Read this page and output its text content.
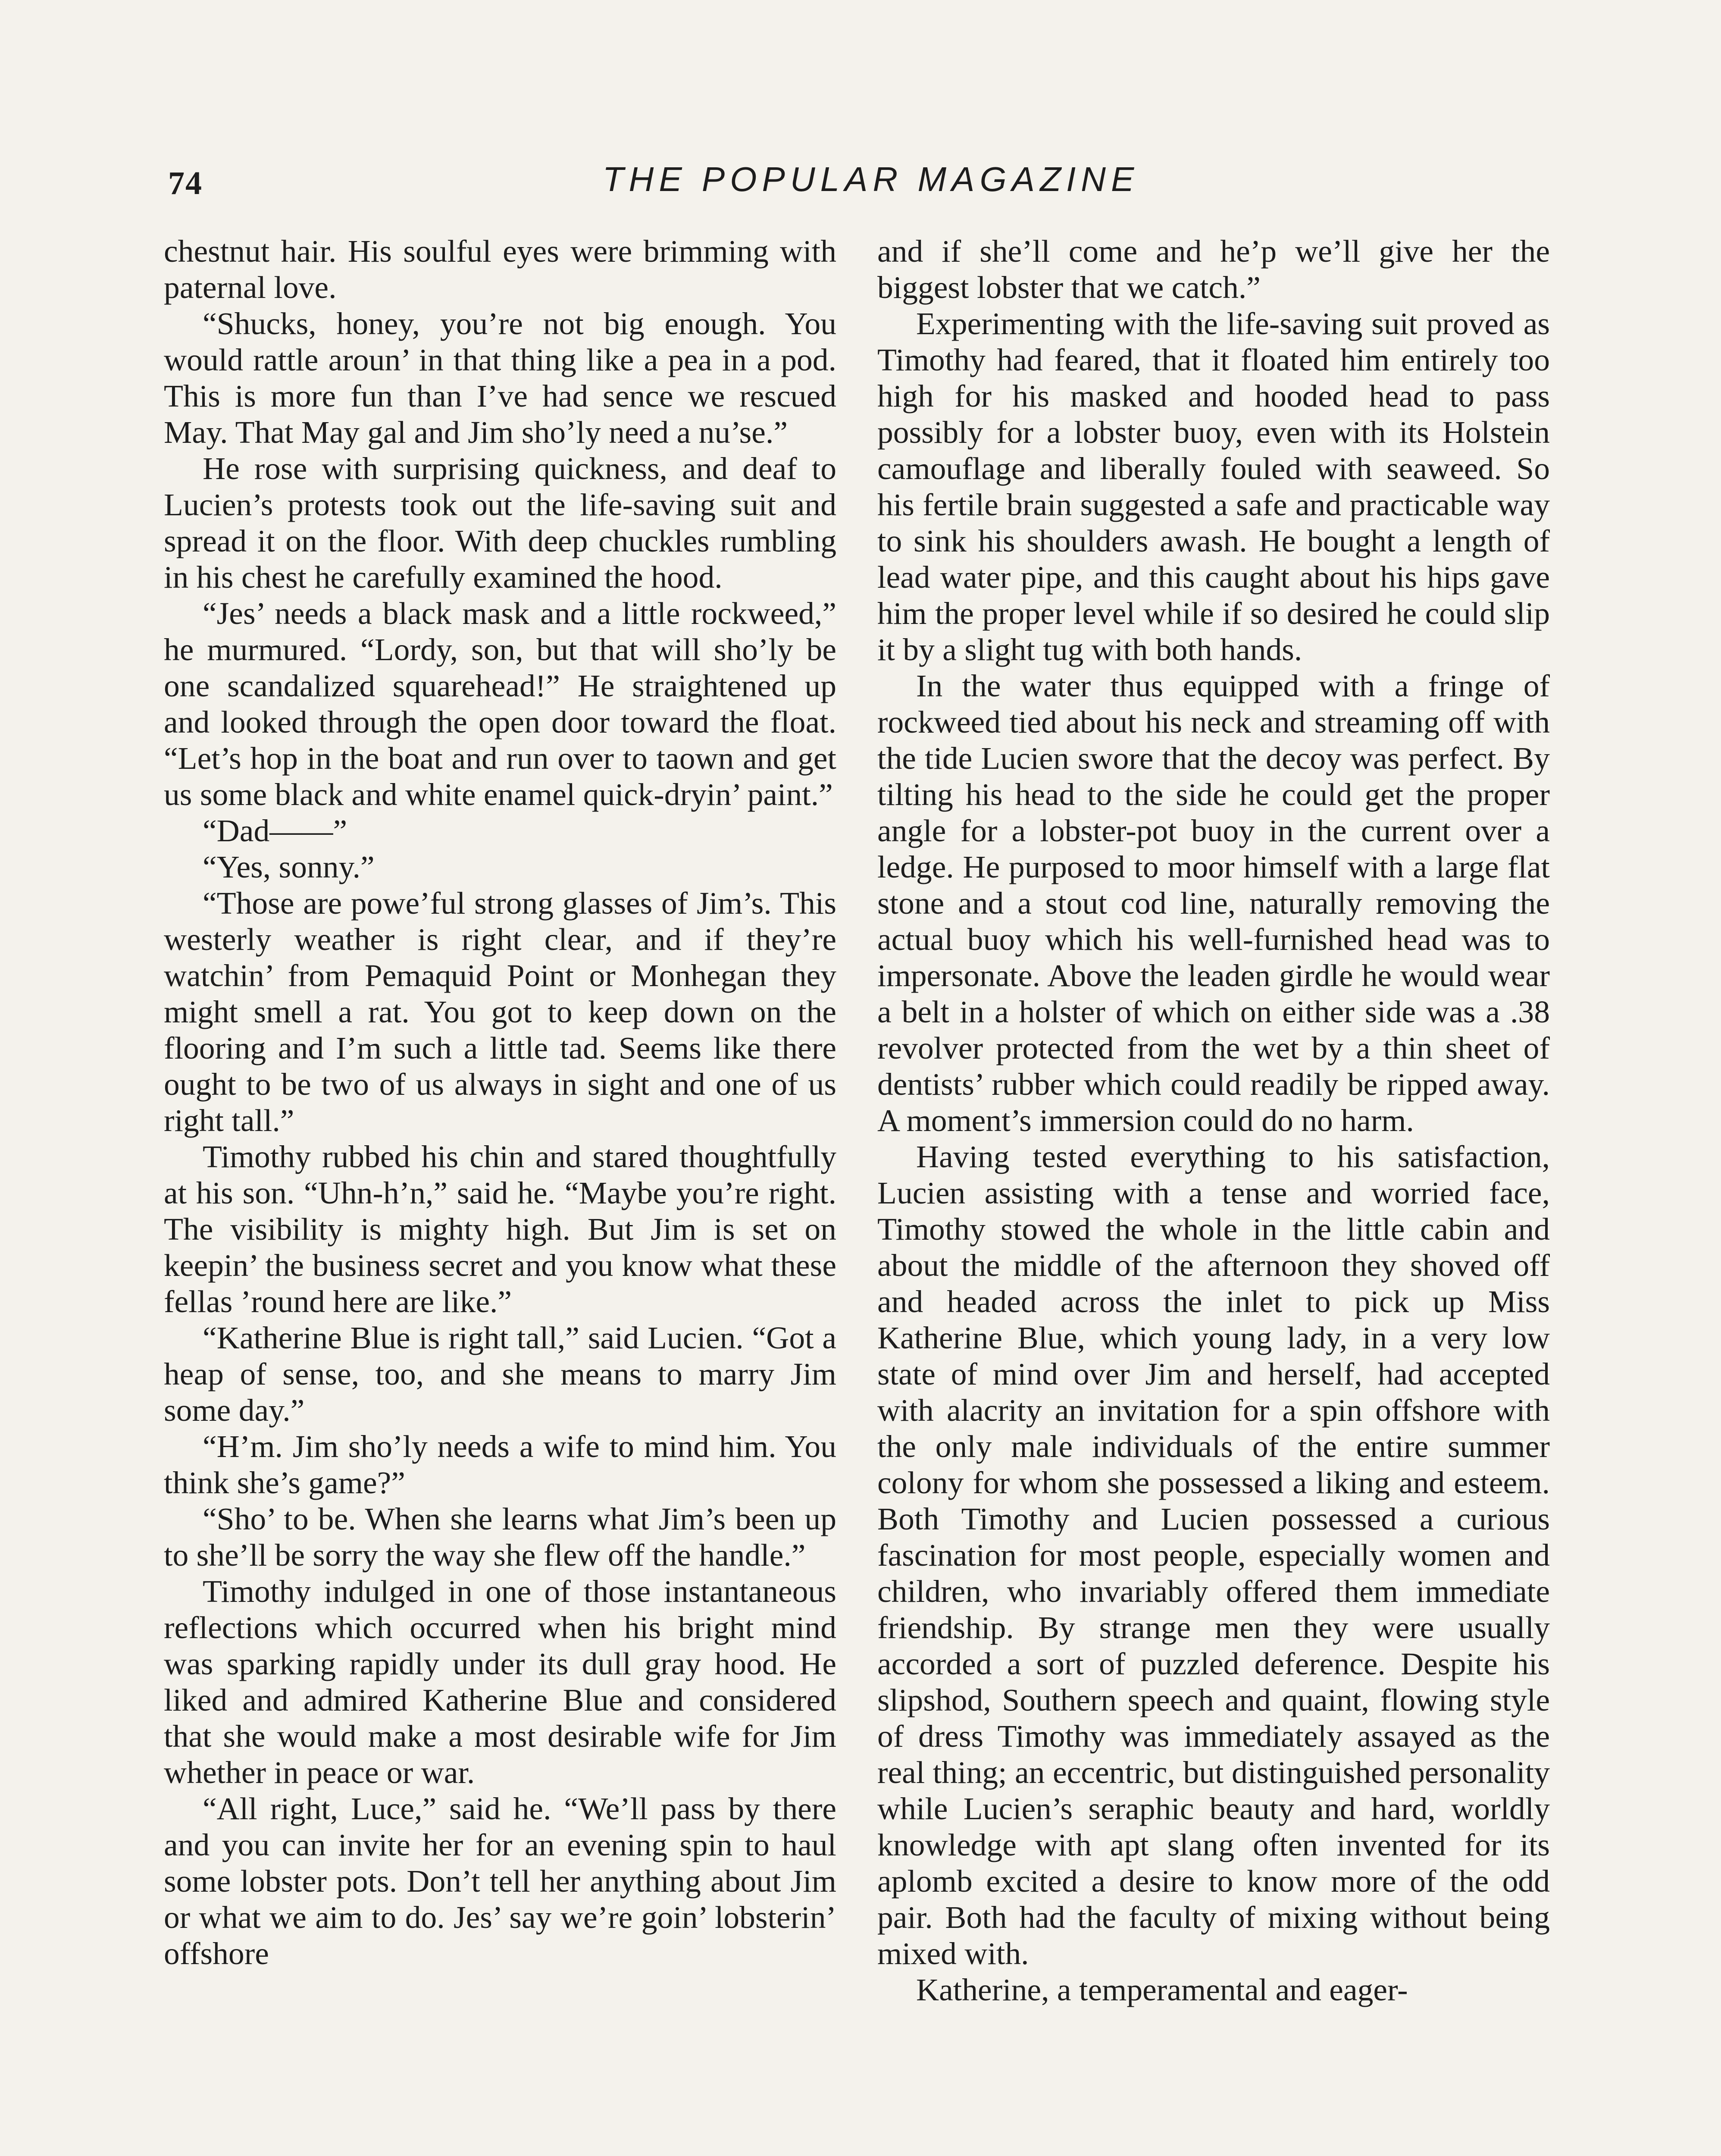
74	THE POPULAR MAGAZINE

chestnut hair. His soulful eyes were brimming with paternal love.

“Shucks, honey, you’re not big enough. You would rattle aroun’ in that thing like a pea in a pod. This is more fun than I’ve had sence we rescued May. That May gal and Jim sho’ly need a nu’se.”

He rose with surprising quickness, and deaf to Lucien’s protests took out the life-saving suit and spread it on the floor. With deep chuckles rumbling in his chest he carefully examined the hood.

“Jes’ needs a black mask and a little rockweed,” he murmured. “Lordy, son, but that will sho’ly be one scandalized squarehead!” He straightened up and looked through the open door toward the float. “Let’s hop in the boat and run over to taown and get us some black and white enamel quick-dryin’ paint.”

“Dad——”

“Yes, sonny.”

“Those are powe’ful strong glasses of Jim’s. This westerly weather is right clear, and if they’re watchin’ from Pemaquid Point or Monhegan they might smell a rat. You got to keep down on the flooring and I’m such a little tad. Seems like there ought to be two of us always in sight and one of us right tall.”

Timothy rubbed his chin and stared thoughtfully at his son. “Uhn-h’n,” said he. “Maybe you’re right. The visibility is mighty high. But Jim is set on keepin’ the business secret and you know what these fellas ’round here are like.”

“Katherine Blue is right tall,” said Lucien. “Got a heap of sense, too, and she means to marry Jim some day.”

“H’m. Jim sho’ly needs a wife to mind him. You think she’s game?”

“Sho’ to be. When she learns what Jim’s been up to she’ll be sorry the way she flew off the handle.”

Timothy indulged in one of those instantaneous reflections which occurred when his bright mind was sparking rapidly under its dull gray hood. He liked and admired Katherine Blue and considered that she would make a most desirable wife for Jim whether in peace or war.

“All right, Luce,” said he. “We’ll pass by there and you can invite her for an evening spin to haul some lobster pots. Don’t tell her anything about Jim or what we aim to do. Jes’ say we’re goin’ lobsterin’ offshore

and if she’ll come and he’p we’ll give her the biggest lobster that we catch.”

Experimenting with the life-saving suit proved as Timothy had feared, that it floated him entirely too high for his masked and hooded head to pass possibly for a lobster buoy, even with its Holstein camouflage and liberally fouled with seaweed. So his fertile brain suggested a safe and practicable way to sink his shoulders awash. He bought a length of lead water pipe, and this caught about his hips gave him the proper level while if so desired he could slip it by a slight tug with both hands.

In the water thus equipped with a fringe of rockweed tied about his neck and streaming off with the tide Lucien swore that the decoy was perfect. By tilting his head to the side he could get the proper angle for a lobster-pot buoy in the current over a ledge. He purposed to moor himself with a large flat stone and a stout cod line, naturally removing the actual buoy which his well-furnished head was to impersonate. Above the leaden girdle he would wear a belt in a holster of which on either side was a .38 revolver protected from the wet by a thin sheet of dentists’ rubber which could readily be ripped away. A moment’s immersion could do no harm.

Having tested everything to his satisfaction, Lucien assisting with a tense and worried face, Timothy stowed the whole in the little cabin and about the middle of the afternoon they shoved off and headed across the inlet to pick up Miss Katherine Blue, which young lady, in a very low state of mind over Jim and herself, had accepted with alacrity an invitation for a spin offshore with the only male individuals of the entire summer colony for whom she possessed a liking and esteem. Both Timothy and Lucien possessed a curious fascination for most people, especially women and children, who invariably offered them immediate friendship. By strange men they were usually accorded a sort of puzzled deference. Despite his slipshod, Southern speech and quaint, flowing style of dress Timothy was immediately assayed as the real thing; an eccentric, but distinguished personality while Lucien’s seraphic beauty and hard, worldly knowledge with apt slang often invented for its aplomb excited a desire to know more of the odd pair. Both had the faculty of mixing without being mixed with.

Katherine, a temperamental and eager-
